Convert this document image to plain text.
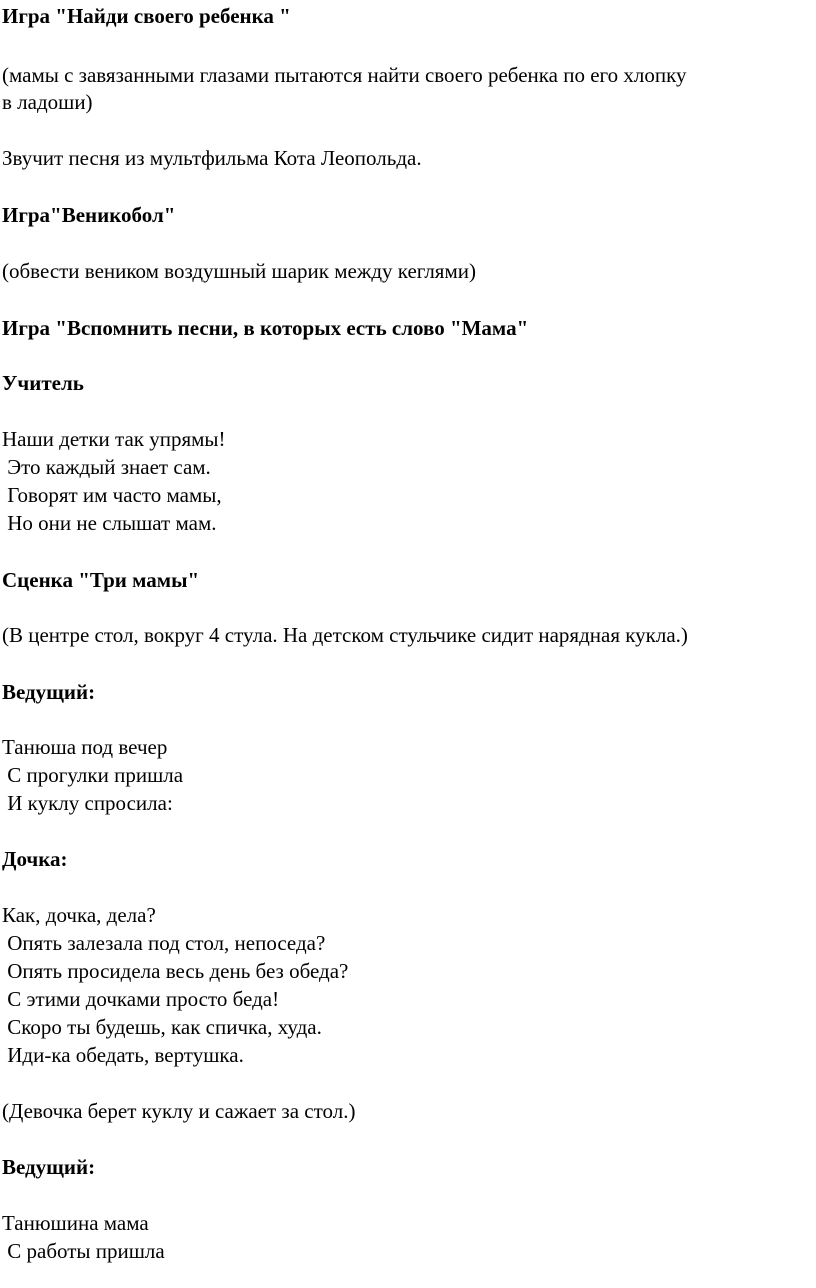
Игра "Найди своего ребенка "

(мамы с завязанными глазами пытаются найти своего ребенка по его хлопку

в ладоши)

Звучит песня из мультфильма Кота Леопольда.

Игра"Веникобол"

(обвести веником воздушный шарик между кеглями)

Игра "Вспомнить песни, в которых есть слово "Мама"

Учитель

Наши детки так упрямы!

Это каждый знает сам.

Говорят им часто мамы,

Но они не слышат мам.

Сценка "Три мамы"

(В центре стол, вокруг 4 стула. На детском стульчике сидит нарядная кукла.)

Ведущий:

Танюша под вечер

С прогулки пришла

И куклу спросила:

Дочка:

Как, дочка, дела?

Опять залезала под стол, непоседа?

Опять просидела весь день без обеда?

С этими дочками просто беда!

Скоро ты будешь, как спичка, худа.

Иди-ка обедать, вертушка.

(Девочка берет куклу и сажает за стол.)

Ведущий:

Танюшина мама

С работы пришла
